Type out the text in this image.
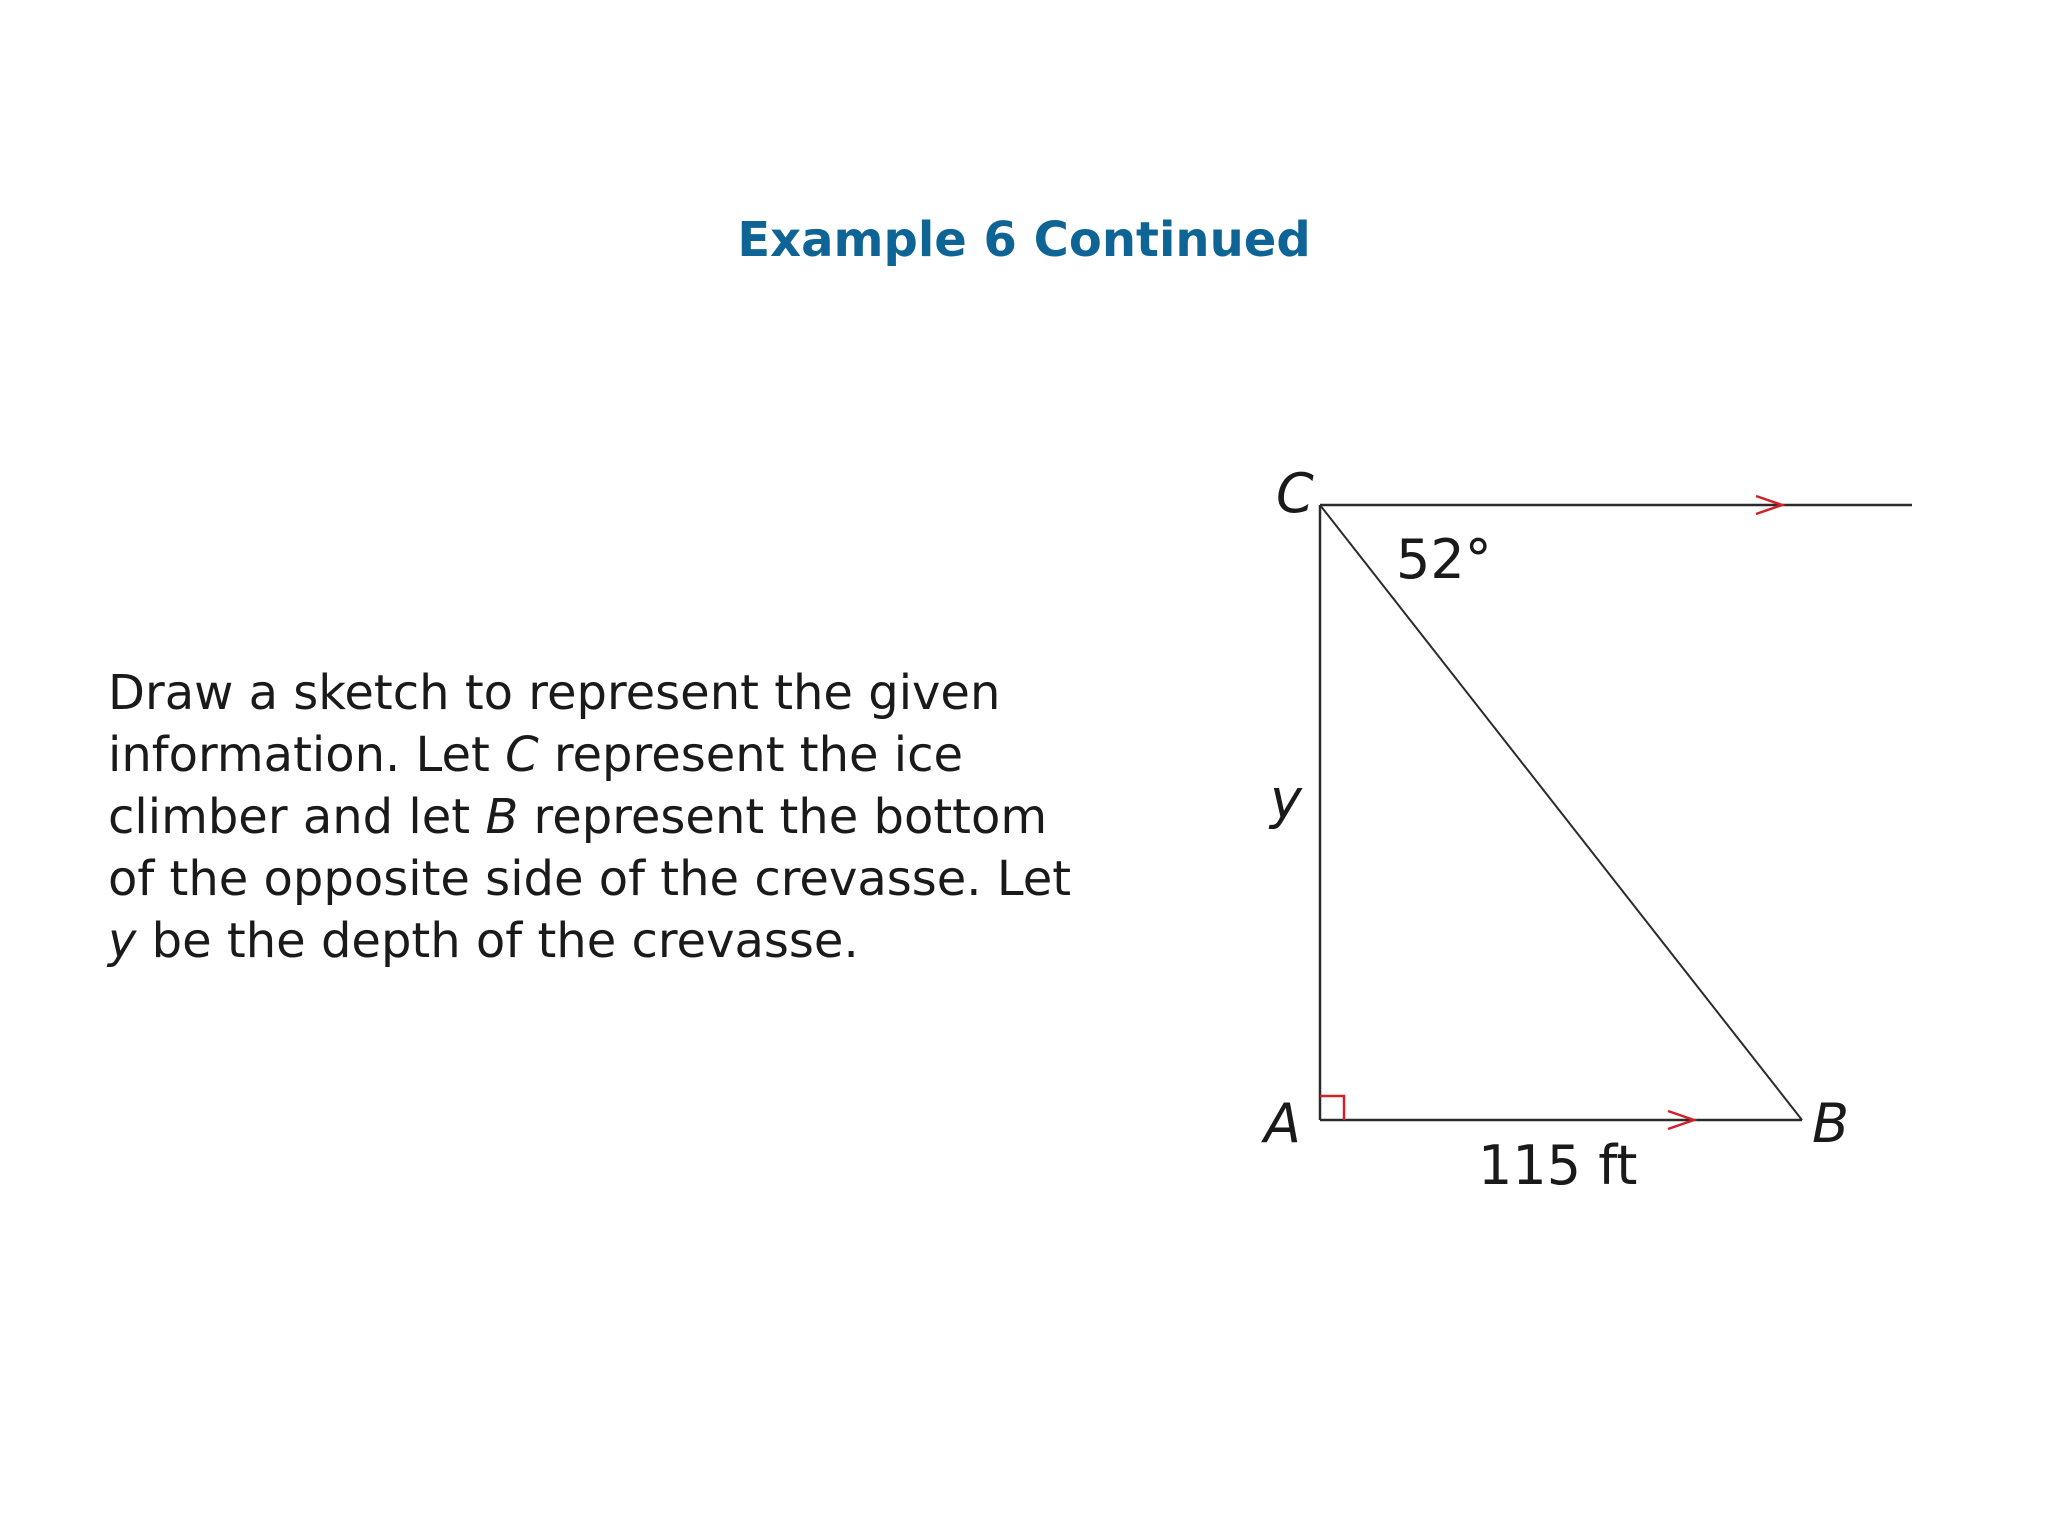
Example 6 Continued

Draw a sketch to represent the given
information. Let C represent the ice
climber and let B represent the bottom
of the opposite side of the crevasse. Let
y be the depth of the crevasse.

C
A	B
y
52°
115 ft
